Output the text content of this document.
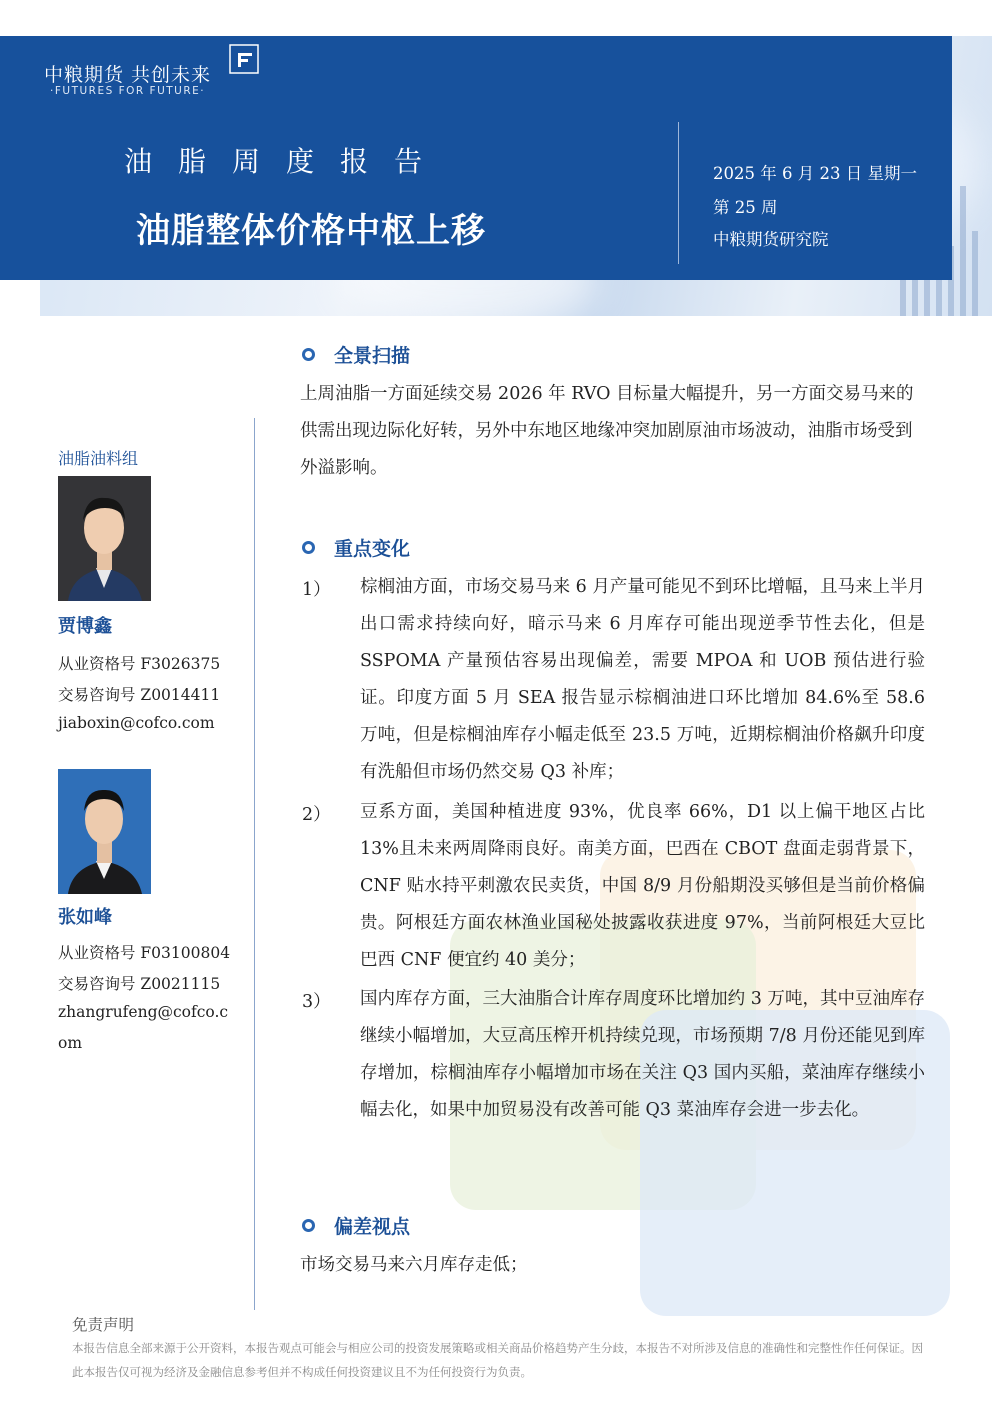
中粮期货 共创未来
·FUTURES FOR FUTURE·
油脂周度报告
油脂整体价格中枢上移
2025 年 6 月 23 日 星期一
第 25 周
中粮期货研究院
油脂油料组
贾博鑫
从业资格号 F3026375
交易咨询号 Z0014411
jiaboxin@cofco.com
张如峰
从业资格号 F03100804
交易咨询号 Z0021115
zhangrufeng@cofco.c
om
全景扫描
上周油脂一方面延续交易 2026 年 RVO 目标量大幅提升，另一方面交易马来的供需出现边际化好转，另外中东地区地缘冲突加剧原油市场波动，油脂市场受到外溢影响。
重点变化
1） 棕榈油方面，市场交易马来 6 月产量可能见不到环比增幅，且马来上半月出口需求持续向好，暗示马来 6 月库存可能出现逆季节性去化，但是 SSPOMA 产量预估容易出现偏差，需要 MPOA 和 UOB 预估进行验证。印度方面 5 月 SEA 报告显示棕榈油进口环比增加 84.6%至 58.6 万吨，但是棕榈油库存小幅走低至 23.5 万吨，近期棕榈油价格飙升印度有洗船但市场仍然交易 Q3 补库；
2） 豆系方面，美国种植进度 93%，优良率 66%，D1 以上偏干地区占比 13%且未来两周降雨良好。南美方面，巴西在 CBOT 盘面走弱背景下，CNF 贴水持平刺激农民卖货，中国 8/9 月份船期没买够但是当前价格偏贵。阿根廷方面农林渔业国秘处披露收获进度 97%，当前阿根廷大豆比巴西 CNF 便宜约 40 美分；
3） 国内库存方面，三大油脂合计库存周度环比增加约 3 万吨，其中豆油库存继续小幅增加，大豆高压榨开机持续兑现，市场预期 7/8 月份还能见到库存增加，棕榈油库存小幅增加市场在关注 Q3 国内买船，菜油库存继续小幅去化，如果中加贸易没有改善可能 Q3 菜油库存会进一步去化。
偏差视点
市场交易马来六月库存走低；
免责声明
本报告信息全部来源于公开资料，本报告观点可能会与相应公司的投资发展策略或相关商品价格趋势产生分歧，本报告不对所涉及信息的准确性和完整性作任何保证。因此本报告仅可视为经济及金融信息参考但并不构成任何投资建议且不为任何投资行为负责。
